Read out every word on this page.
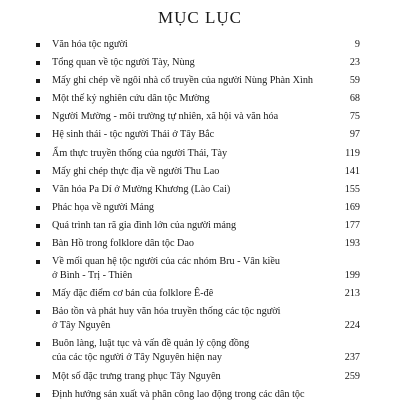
MỤC LỤC
Văn hóa tộc người	9
Tổng quan về tộc người Tày, Nùng	23
Mấy ghi chép về ngôi nhà cổ truyền của người Nùng Phàn Xình	59
Một thế kỷ nghiên cứu dân tộc Mường	68
Người Mường - môi trường tự nhiên, xã hội và văn hóa	75
Hệ sinh thái - tộc người Thái ở Tây Bắc	97
Ẩm thực truyền thống của người Thái, Tày	119
Mấy ghi chép thực địa về người Thu Lao	141
Văn hóa Pa Dí ở Mường Khương (Lào Cai)	155
Phác họa về người Mảng	169
Quá trình tan rã gia đình lớn của người mảng	177
Bàn Hồ trong folklore dân tộc Dao	193
Về mối quan hệ tộc người của các nhóm Bru - Vân kiều
ở Bình - Trị - Thiên	199
Mấy đặc điểm cơ bản của folklore Ê-đê	213
Bảo tồn và phát huy văn hóa truyền thống các tộc người
ở Tây Nguyên	224
Buôn làng, luật tục và vấn đề quản lý cộng đồng
của các tộc người ở Tây Nguyên hiện nay	237
Một số đặc trưng trang phục Tây Nguyên	259
Định hướng sản xuất và phân công lao động trong các dân tộc
